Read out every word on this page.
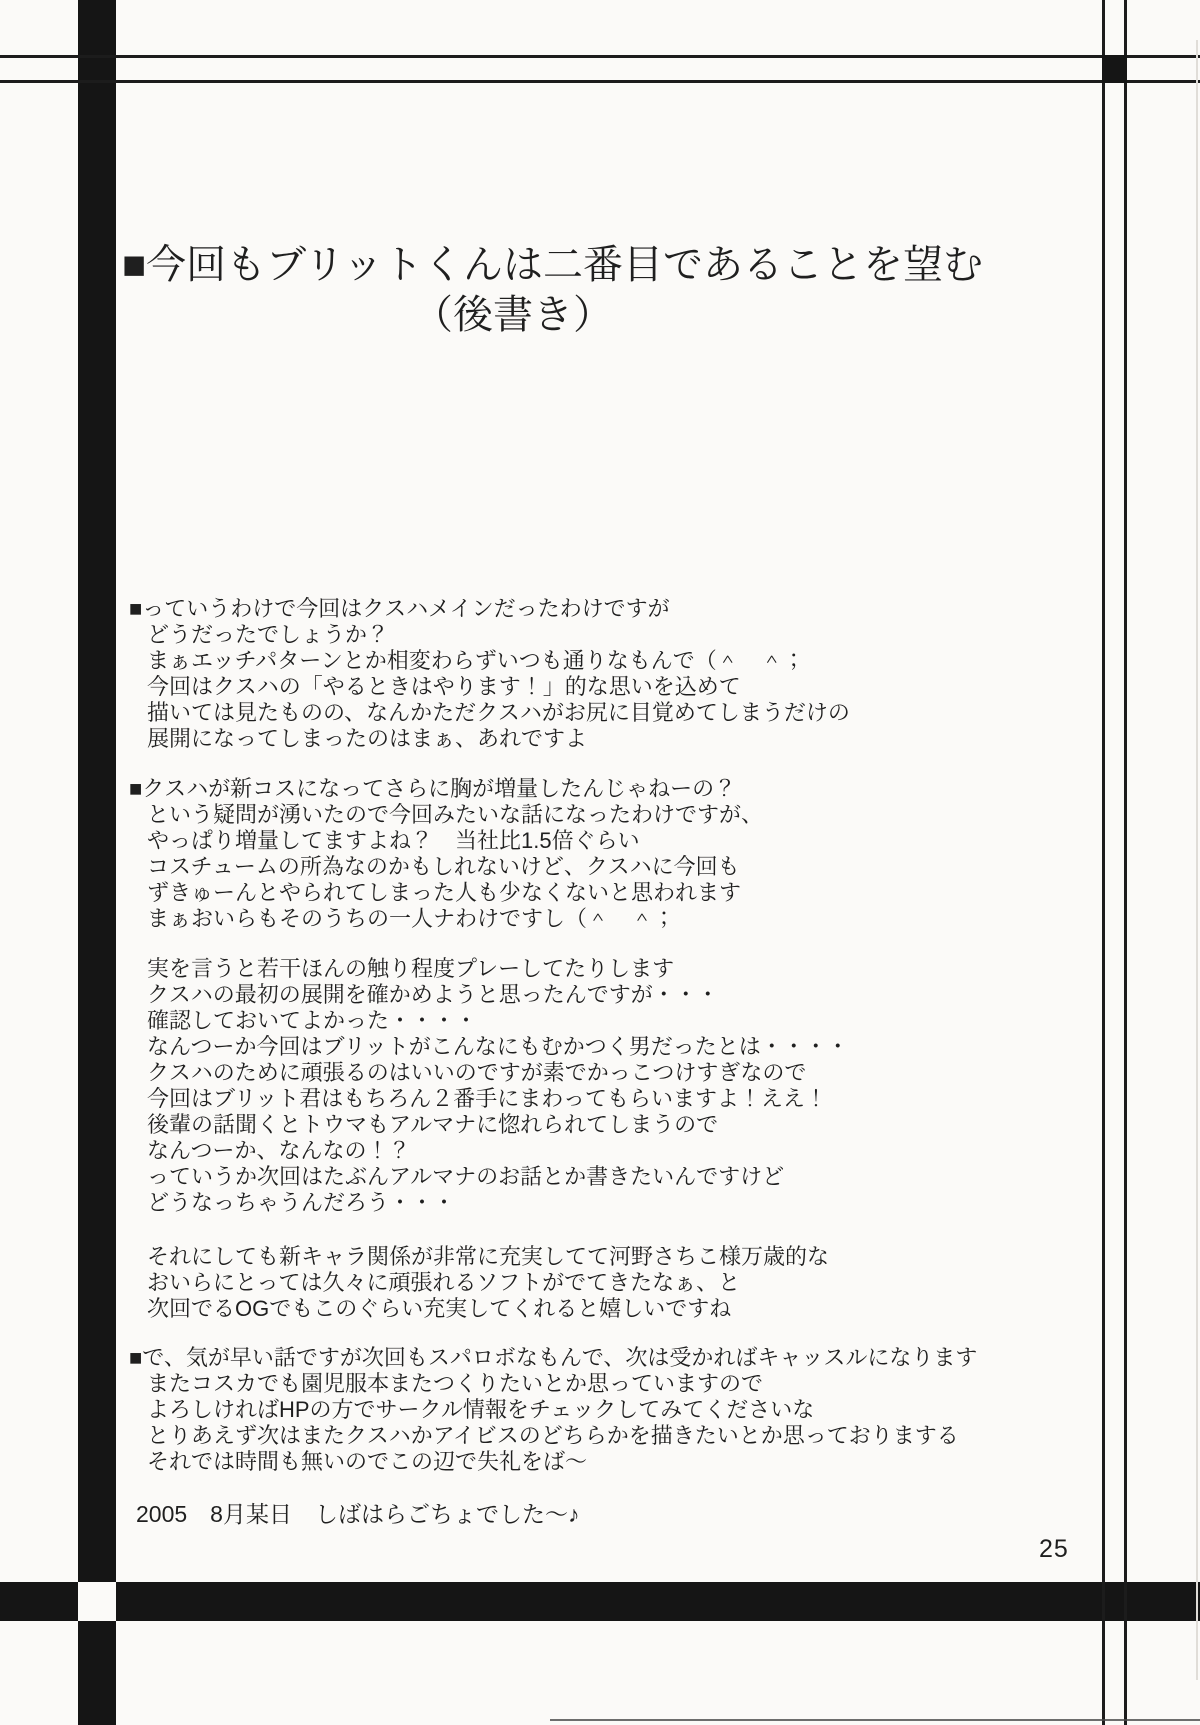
■今回もブリットくんは二番目であることを望む
（後書き）
■っていうわけで今回はクスハメインだったわけですが
どうだったでしょうか？
まぁエッチパターンとか相変わらずいつも通りなもんで（＾　＾；
今回はクスハの「やるときはやります！」的な思いを込めて
描いては見たものの、なんかただクスハがお尻に目覚めてしまうだけの
展開になってしまったのはまぁ、あれですよ
■クスハが新コスになってさらに胸が増量したんじゃねーの？
という疑問が湧いたので今回みたいな話になったわけですが、
やっぱり増量してますよね？　当社比1.5倍ぐらい
コスチュームの所為なのかもしれないけど、クスハに今回も
ずきゅーんとやられてしまった人も少なくないと思われます
まぁおいらもそのうちの一人ナわけですし（＾　＾；
実を言うと若干ほんの触り程度プレーしてたりします
クスハの最初の展開を確かめようと思ったんですが・・・
確認しておいてよかった・・・・
なんつーか今回はブリットがこんなにもむかつく男だったとは・・・・
クスハのために頑張るのはいいのですが素でかっこつけすぎなので
今回はブリット君はもちろん２番手にまわってもらいますよ！ええ！
後輩の話聞くとトウマもアルマナに惚れられてしまうので
なんつーか、なんなの！？
っていうか次回はたぶんアルマナのお話とか書きたいんですけど
どうなっちゃうんだろう・・・
それにしても新キャラ関係が非常に充実してて河野さちこ様万歳的な
おいらにとっては久々に頑張れるソフトがでてきたなぁ、と
次回でるOGでもこのぐらい充実してくれると嬉しいですね
■で、気が早い話ですが次回もスパロボなもんで、次は受かればキャッスルになります
またコスカでも園児服本またつくりたいとか思っていますので
よろしければHPの方でサークル情報をチェックしてみてくださいな
とりあえず次はまたクスハかアイビスのどちらかを描きたいとか思っておりまする
それでは時間も無いのでこの辺で失礼をば〜
2005　8月某日　しばはらごちょでした〜♪
25
